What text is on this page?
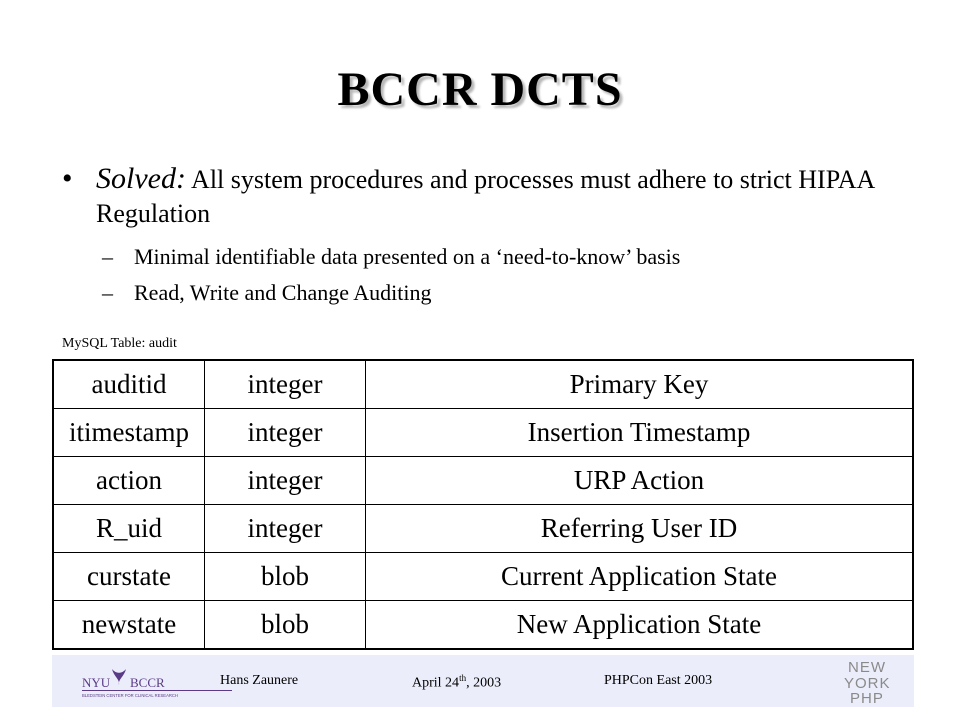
BCCR DCTS
• Solved: All system procedures and processes must adhere to strict HIPAA Regulation
– Minimal identifiable data presented on a ‘need-to-know’ basis
– Read, Write and Change Auditing
MySQL Table: audit
auditid	integer	Primary Key
itimestamp	integer	Insertion Timestamp
action	integer	URP Action
R_uid	integer	Referring User ID
curstate	blob	Current Application State
newstate	blob	New Application State
NYU BCCR
BLEDSTEIN CENTER FOR CLINICAL RESEARCH
Hans Zaunere	April 24th, 2003	PHPCon East 2003
NEW
YORK
PHP
